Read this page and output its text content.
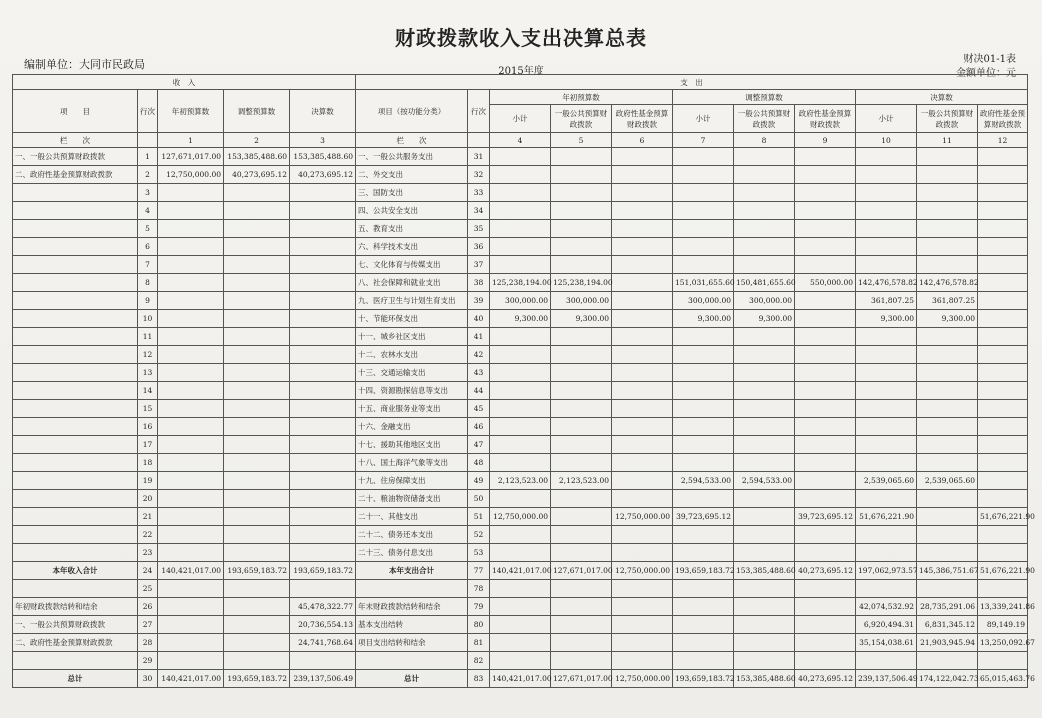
财政拨款收入支出决算总表
编制单位：大同市民政局
2015年度
财决01-1表
金额单位：元
收　入					支　出										
项　　目	行次	年初预算数	调整预算数	决算数	项目（按功能分类）	行次	年初预算数			调整预算数			决算数		
							小计	一般公共预算财政拨款	政府性基金预算财政拨款	小计	一般公共预算财政拨款	政府性基金预算财政拨款	小计	一般公共预算财政拨款	政府性基金预算财政拨款
栏　　次		1	2	3	栏　　次		4	5	6	7	8	9	10	11	12
一、一般公共预算财政拨款	1	127,671,017.00	153,385,488.60	153,385,488.60	一、一般公共服务支出	31									
二、政府性基金预算财政拨款	2	12,750,000.00	40,273,695.12	40,273,695.12	二、外交支出	32									
	3				三、国防支出	33									
	4				四、公共安全支出	34									
	5				五、教育支出	35									
	6				六、科学技术支出	36									
	7				七、文化体育与传媒支出	37									
	8				八、社会保障和就业支出	38	125,238,194.00	125,238,194.00		151,031,655.60	150,481,655.60	550,000.00	142,476,578.82	142,476,578.82	
	9				九、医疗卫生与计划生育支出	39	300,000.00	300,000.00		300,000.00	300,000.00		361,807.25	361,807.25	
	10				十、节能环保支出	40	9,300.00	9,300.00		9,300.00	9,300.00		9,300.00	9,300.00	
	11				十一、城乡社区支出	41									
	12				十二、农林水支出	42									
	13				十三、交通运输支出	43									
	14				十四、资源勘探信息等支出	44									
	15				十五、商业服务业等支出	45									
	16				十六、金融支出	46									
	17				十七、援助其他地区支出	47									
	18				十八、国土海洋气象等支出	48									
	19				十九、住房保障支出	49	2,123,523.00	2,123,523.00		2,594,533.00	2,594,533.00		2,539,065.60	2,539,065.60	
	20				二十、粮油物资储备支出	50									
	21				二十一、其他支出	51	12,750,000.00		12,750,000.00	39,723,695.12		39,723,695.12	51,676,221.90		51,676,221.90
	22				二十二、债务还本支出	52									
	23				二十三、债务付息支出	53									
本年收入合计	24	140,421,017.00	193,659,183.72	193,659,183.72	本年支出合计	77	140,421,017.00	127,671,017.00	12,750,000.00	193,659,183.72	153,385,488.60	40,273,695.12	197,062,973.57	145,386,751.67	51,676,221.90
	25					78									
年初财政拨款结转和结余	26			45,478,322.77	年末财政拨款结转和结余	79							42,074,532.92	28,735,291.06	13,339,241.86
一、一般公共预算财政拨款	27			20,736,554.13	基本支出结转	80							6,920,494.31	6,831,345.12	89,149.19
二、政府性基金预算财政拨款	28			24,741,768.64	项目支出结转和结余	81							35,154,038.61	21,903,945.94	13,250,092.67
	29					82									
总计	30	140,421,017.00	193,659,183.72	239,137,506.49	总计	83	140,421,017.00	127,671,017.00	12,750,000.00	193,659,183.72	153,385,488.60	40,273,695.12	239,137,506.49	174,122,042.73	65,015,463.76
